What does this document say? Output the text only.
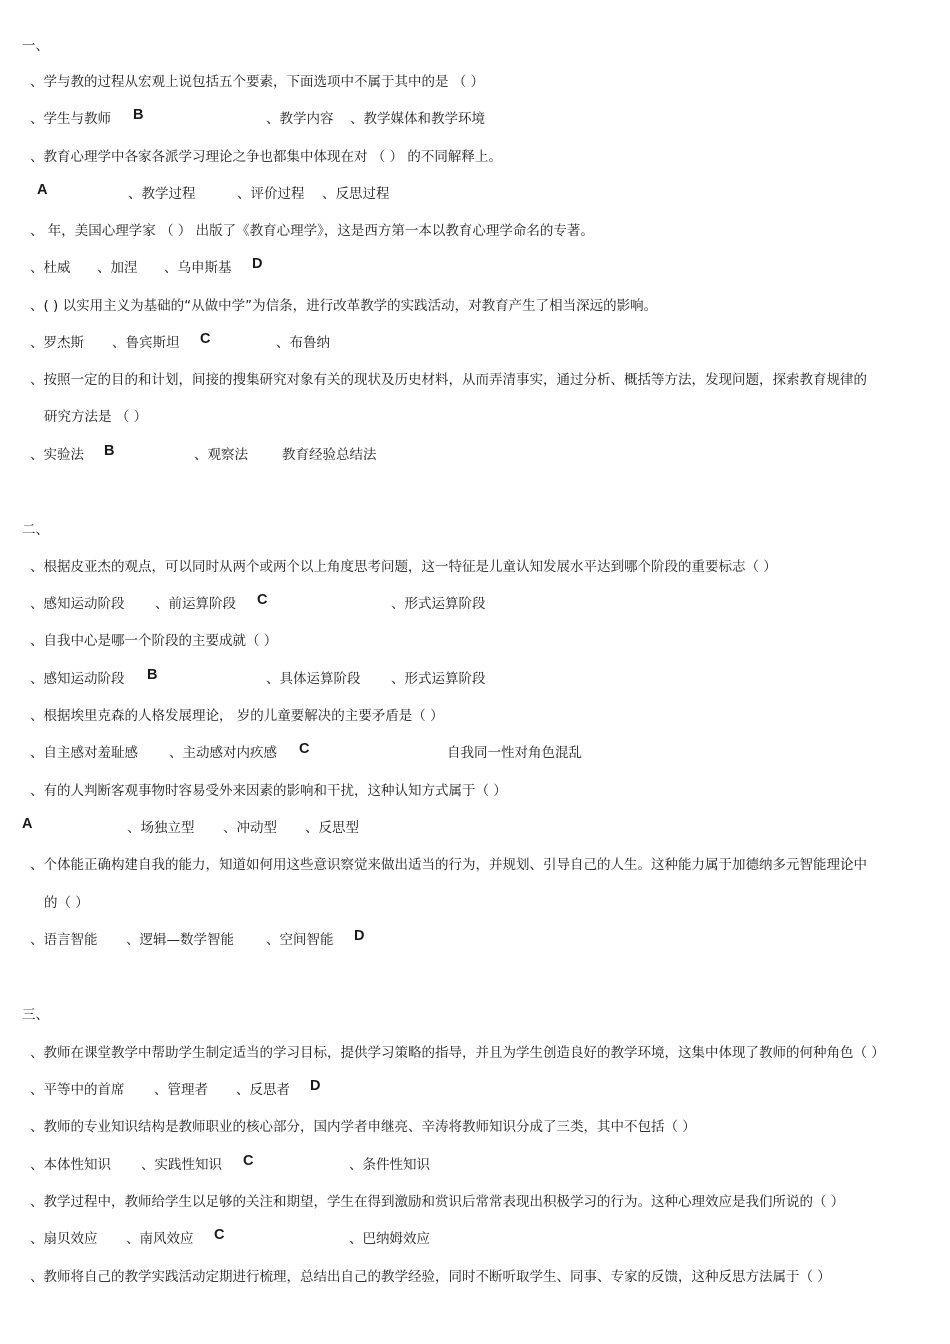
一、
、学与教的过程从宏观上说包括五个要素，下面选项中不属于其中的是 （ ）
、学生与教师 B	、教学内容 、教学媒体和教学环境
、教育心理学中各家各派学习理论之争也都集中体现在对 （ ） 的不同解释上。
A	、教学过程	、评价过程 、反思过程
、 年，美国心理学家 （ ） 出版了《教育心理学》，这是西方第一本以教育心理学命名的专著。
、杜威 、加涅 、乌申斯基 D
、( ) 以实用主义为基础的“从做中学”为信条，进行改革教学的实践活动，对教育产生了相当深远的影响。
、罗杰斯 、鲁宾斯坦 C	、布鲁纳
、按照一定的目的和计划，间接的搜集研究对象有关的现状及历史材料，从而弄清事实，通过分析、概括等方法，发现问题，探索教育规律的
研究方法是 （ ）
、实验法 B	、观察法	教育经验总结法
二、
、根据皮亚杰的观点，可以同时从两个或两个以上角度思考问题，这一特征是儿童认知发展水平达到哪个阶段的重要标志（ ）
、感知运动阶段 、前运算阶段 C	、形式运算阶段
、自我中心是哪一个阶段的主要成就（ ）
、感知运动阶段 B	、具体运算阶段 、形式运算阶段
、根据埃里克森的人格发展理论， 岁的儿童要解决的主要矛盾是（ ）
、自主感对羞耻感 、主动感对内疚感 C	自我同一性对角色混乱
、有的人判断客观事物时容易受外来因素的影响和干扰，这种认知方式属于（ ）
A	、场独立型 、冲动型 、反思型
、个体能正确构建自我的能力，知道如何用这些意识察觉来做出适当的行为，并规划、引导自己的人生。这种能力属于加德纳多元智能理论中
的（ ）
、语言智能 、逻辑—数学智能 、空间智能 D
三、
、教师在课堂教学中帮助学生制定适当的学习目标，提供学习策略的指导，并且为学生创造良好的教学环境，这集中体现了教师的何种角色（ ）
、平等中的首席 、管理者 、反思者 D
、教师的专业知识结构是教师职业的核心部分，国内学者申继亮、辛涛将教师知识分成了三类，其中不包括（ ）
、本体性知识 、实践性知识 C	、条件性知识
、教学过程中，教师给学生以足够的关注和期望，学生在得到激励和赏识后常常表现出积极学习的行为。这种心理效应是我们所说的（ ）
、扇贝效应 、南风效应 C	、巴纳姆效应
、教师将自己的教学实践活动定期进行梳理，总结出自己的教学经验，同时不断听取学生、同事、专家的反馈，这种反思方法属于（ ）
